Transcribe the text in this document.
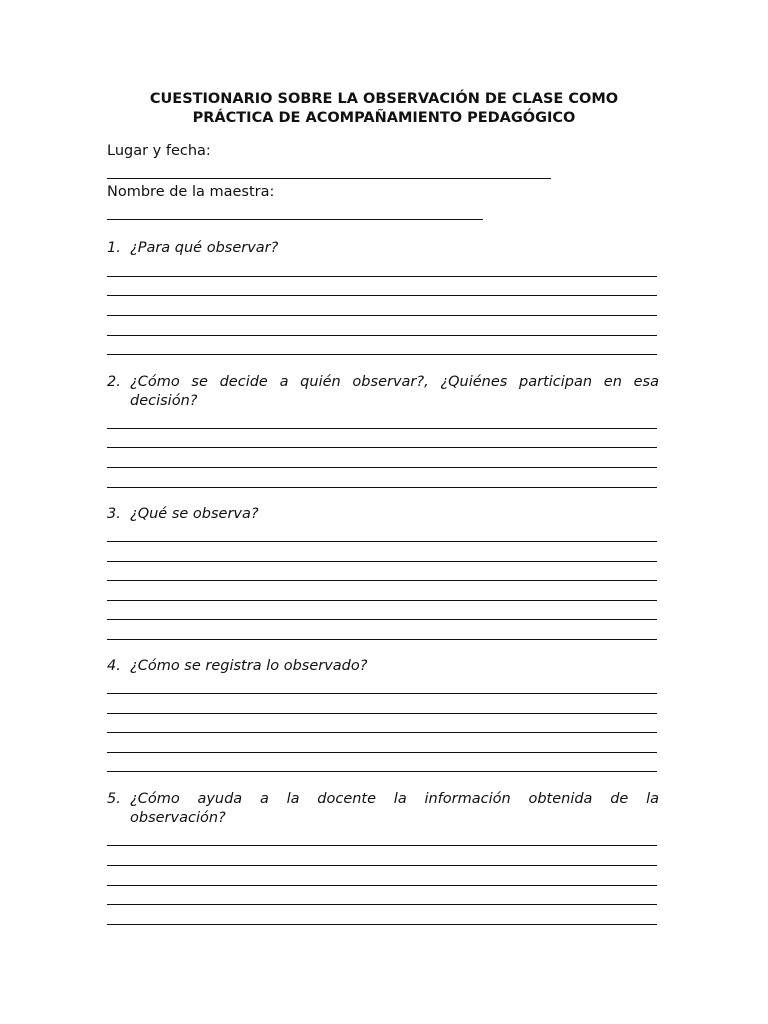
CUESTIONARIO SOBRE LA OBSERVACIÓN DE CLASE COMO
PRÁCTICA DE ACOMPAÑAMIENTO PEDAGÓGICO
Lugar y fecha:
Nombre de la maestra:
1. ¿Para qué observar?
2. ¿Cómo se decide a quién observar?, ¿Quiénes participan en esa
decisión?
3. ¿Qué se observa?
4. ¿Cómo se registra lo observado?
5. ¿Cómo ayuda a la docente la información obtenida de la
observación?
